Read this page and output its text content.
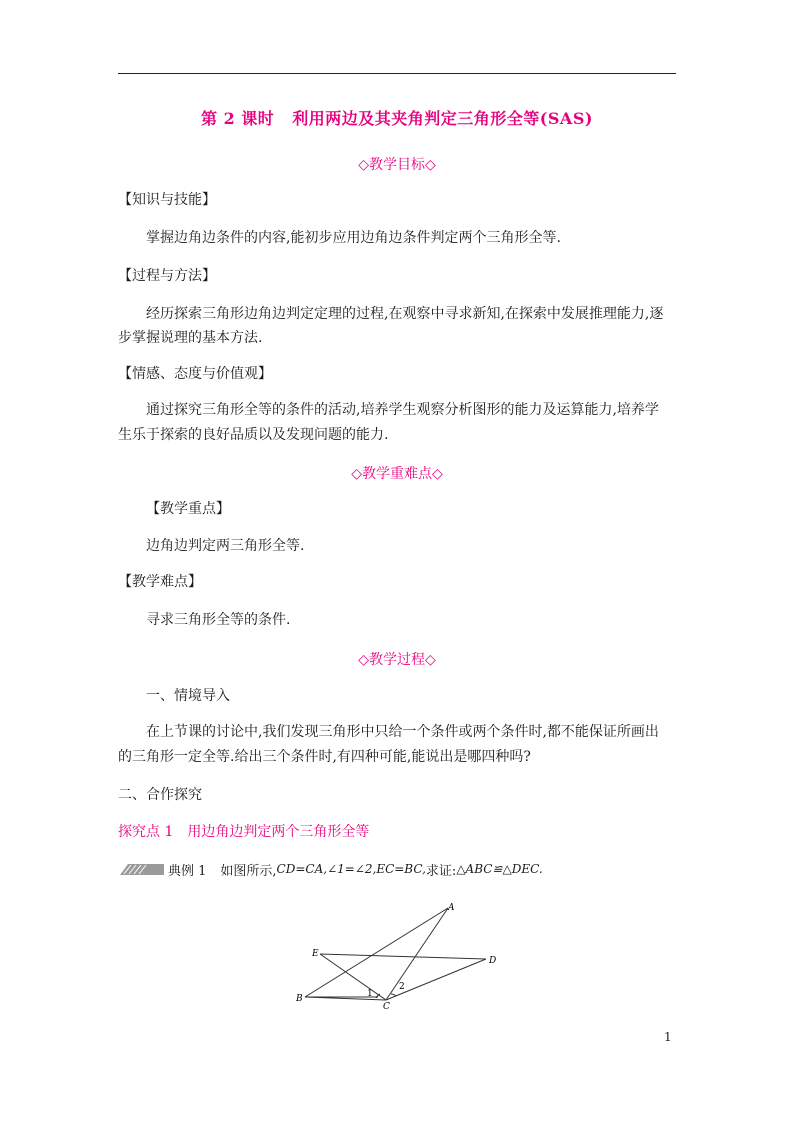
第 2 课时 利用两边及其夹角判定三角形全等(SAS)
◇教学目标◇
【知识与技能】
掌握边角边条件的内容,能初步应用边角边条件判定两个三角形全等.
【过程与方法】
经历探索三角形边角边判定定理的过程,在观察中寻求新知,在探索中发展推理能力,逐
步掌握说理的基本方法.
【情感、态度与价值观】
通过探究三角形全等的条件的活动,培养学生观察分析图形的能力及运算能力,培养学
生乐于探索的良好品质以及发现问题的能力.
◇教学重难点◇
【教学重点】
边角边判定两三角形全等.
【教学难点】
寻求三角形全等的条件.
◇教学过程◇
一、情境导入
在上节课的讨论中,我们发现三角形中只给一个条件或两个条件时,都不能保证所画出
的三角形一定全等.给出三个条件时,有四种可能,能说出是哪四种吗?
二、合作探究
探究点 1　用边角边判定两个三角形全等
典例 1 如图所示, CD=CA,∠1=∠2,EC=BC, 求证: △ABC≌△DEC.
A
B
C
D
E
1
2
1
